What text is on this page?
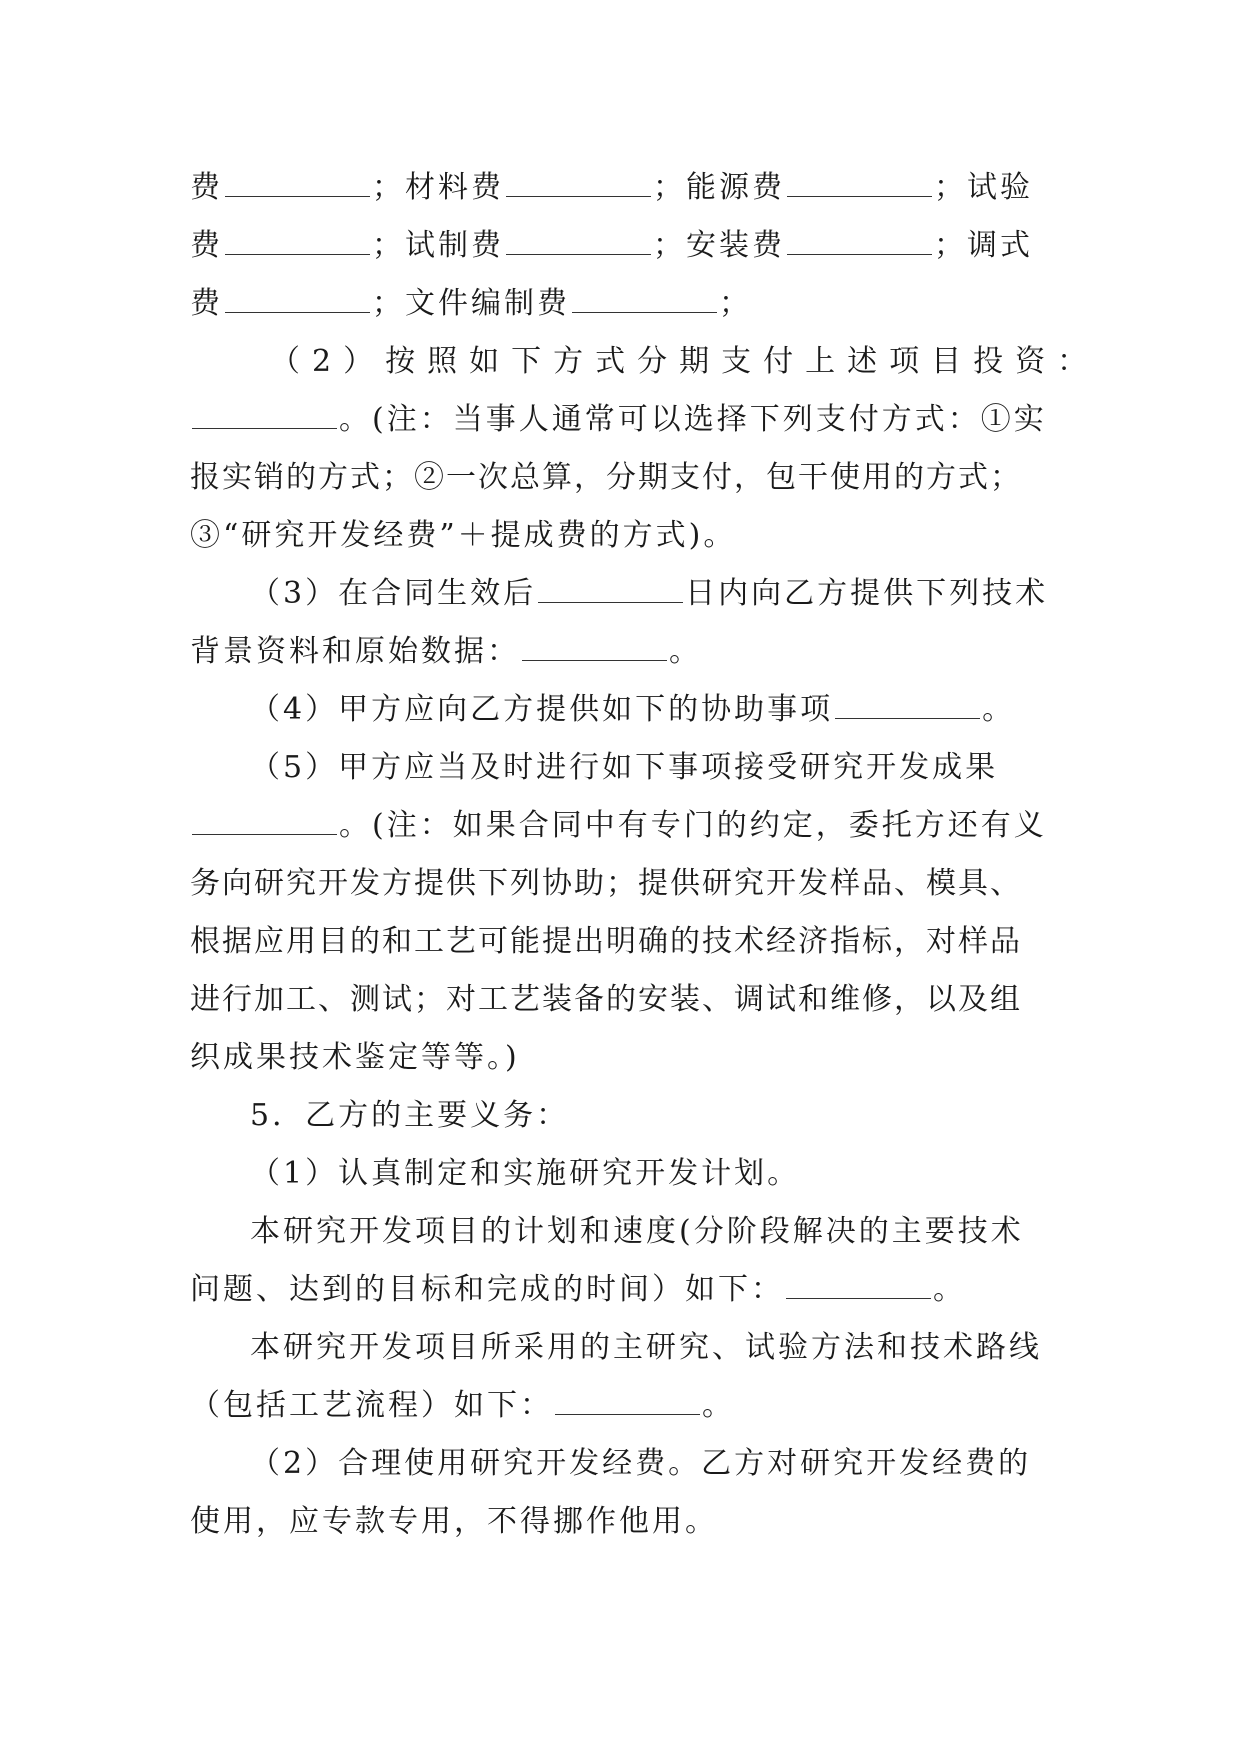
费	；材料费	；能源费	；试验
费	；试制费	；安装费	；调式
费	；文件编制费	；
（2）按照如下方式分期支付上述项目投资：
。(注：当事人通常可以选择下列支付方式：①实
报实销的方式；②一次总算，分期支付，包干使用的方式；
③“研究开发经费”＋提成费的方式)。
（3）在合同生效后	日内向乙方提供下列技术
背景资料和原始数据：	。
（4）甲方应向乙方提供如下的协助事项	。
（5）甲方应当及时进行如下事项接受研究开发成果
。(注：如果合同中有专门的约定，委托方还有义
务向研究开发方提供下列协助；提供研究开发样品、模具、
根据应用目的和工艺可能提出明确的技术经济指标，对样品
进行加工、测试；对工艺装备的安装、调试和维修，以及组
织成果技术鉴定等等。)
5．乙方的主要义务：
（1）认真制定和实施研究开发计划。
本研究开发项目的计划和速度(分阶段解决的主要技术
问题、达到的目标和完成的时间）如下：	。
本研究开发项目所采用的主研究、试验方法和技术路线
（包括工艺流程）如下：	。
（2）合理使用研究开发经费。乙方对研究开发经费的
使用，应专款专用，不得挪作他用。
